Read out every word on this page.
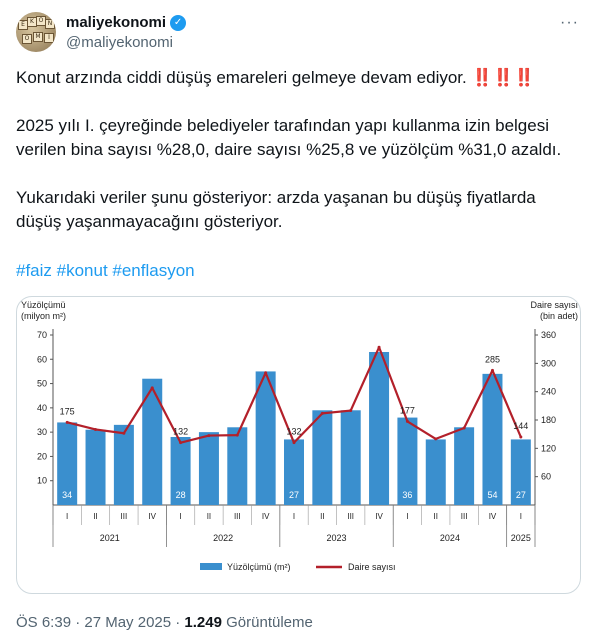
E K O N
O	M	İ
maliyekonomi ✓
@maliyekonomi
···
Konut arzında ciddi düşüş emareleri gelmeye devam ediyor. ‼️‼️‼️

2025 yılı I. çeyreğinde belediyeler tarafından yapı kullanma izin belgesi verilen bina sayısı %28,0, daire sayısı %25,8 ve yüzölçüm %31,0 azaldı.

Yukarıdaki veriler şunu gösteriyor: arzda yaşanan bu düşüş fiyatlarda düşüş yaşanmayacağını gösteriyor.
#faiz #konut #enflasyon
Yüzölçümü
(milyon m²)
Daire sayısı
(bin adet)
10
20
30
40
50
60
70
60
120
180
240
300
360
34	28	27	36	54 27
175
132	132
177
285
144
I	II	III	IV	I	II	III	IV	I	II	III	IV	I	II	III	IV	I
2021	2022	2023	2024	2025
Yüzölçümü (m²)	Daire sayısı
ÖS 6:39 · 27 May 2025 · 1.249 Görüntüleme
